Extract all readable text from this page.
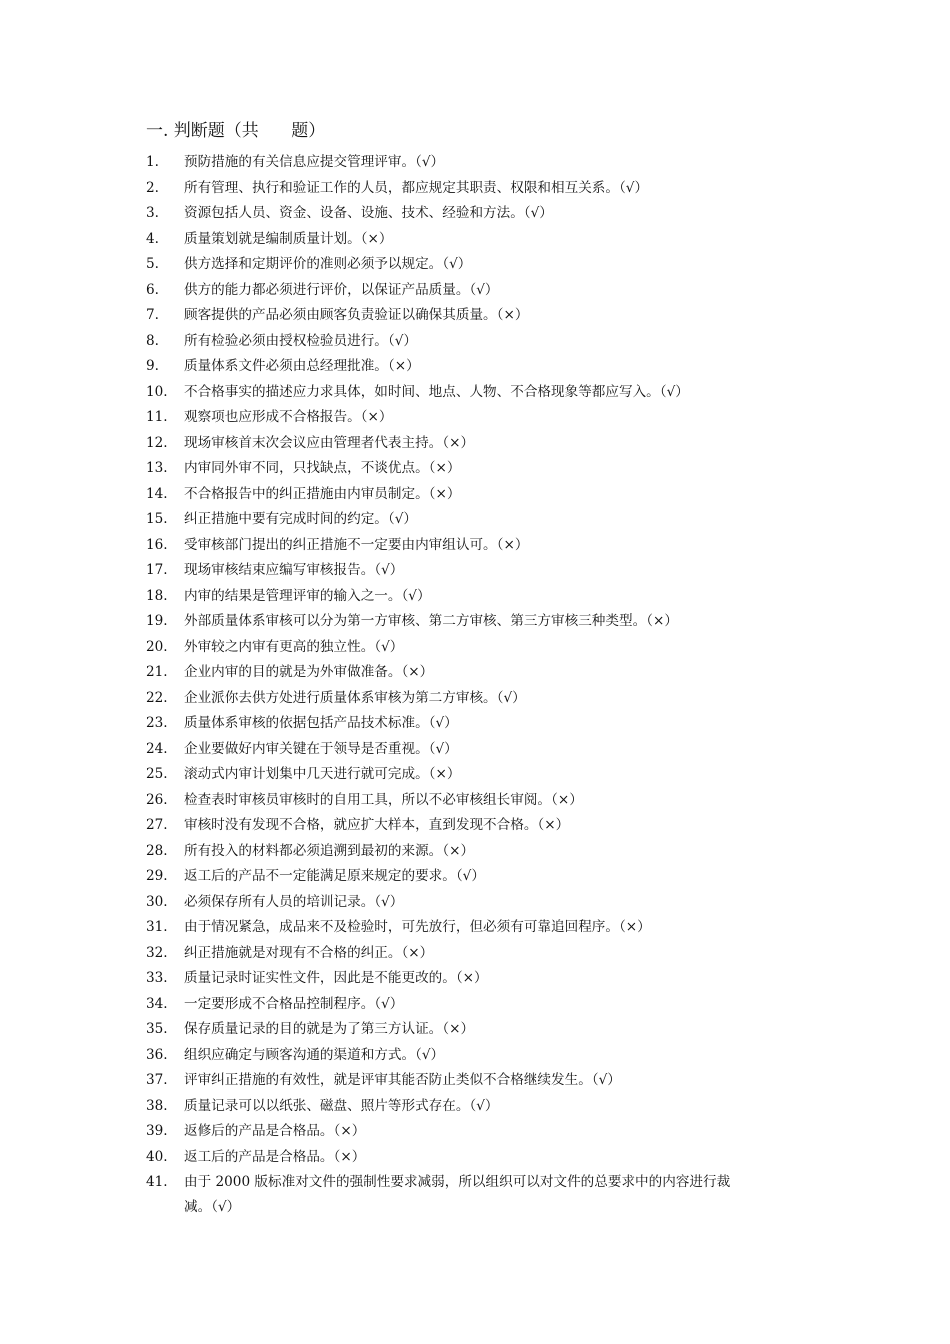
一. 判断题（共      题）
1.	预防措施的有关信息应提交管理评审。（√）
2.	所有管理、执行和验证工作的人员，都应规定其职责、权限和相互关系。（√）
3.	资源包括人员、资金、设备、设施、技术、经验和方法。（√）
4.	质量策划就是编制质量计划。（×）
5.	供方选择和定期评价的准则必须予以规定。（√）
6.	供方的能力都必须进行评价，以保证产品质量。（√）
7.	顾客提供的产品必须由顾客负责验证以确保其质量。（×）
8.	所有检验必须由授权检验员进行。（√）
9.	质量体系文件必须由总经理批准。（×）
10.	不合格事实的描述应力求具体，如时间、地点、人物、不合格现象等都应写入。（√）
11.	观察项也应形成不合格报告。（×）
12.	现场审核首末次会议应由管理者代表主持。（×）
13.	内审同外审不同，只找缺点，不谈优点。（×）
14.	不合格报告中的纠正措施由内审员制定。（×）
15.	纠正措施中要有完成时间的约定。（√）
16.	受审核部门提出的纠正措施不一定要由内审组认可。（×）
17.	现场审核结束应编写审核报告。（√）
18.	内审的结果是管理评审的输入之一。（√）
19.	外部质量体系审核可以分为第一方审核、第二方审核、第三方审核三种类型。（×）
20.	外审较之内审有更高的独立性。（√）
21.	企业内审的目的就是为外审做准备。（×）
22.	企业派你去供方处进行质量体系审核为第二方审核。（√）
23.	质量体系审核的依据包括产品技术标准。（√）
24.	企业要做好内审关键在于领导是否重视。（√）
25.	滚动式内审计划集中几天进行就可完成。（×）
26.	检查表时审核员审核时的自用工具，所以不必审核组长审阅。（×）
27.	审核时没有发现不合格，就应扩大样本，直到发现不合格。（×）
28.	所有投入的材料都必须追溯到最初的来源。（×）
29.	返工后的产品不一定能满足原来规定的要求。（√）
30.	必须保存所有人员的培训记录。（√）
31.	由于情况紧急，成品来不及检验时，可先放行，但必须有可靠追回程序。（×）
32.	纠正措施就是对现有不合格的纠正。（×）
33.	质量记录时证实性文件，因此是不能更改的。（×）
34.	一定要形成不合格品控制程序。（√）
35.	保存质量记录的目的就是为了第三方认证。（×）
36.	组织应确定与顾客沟通的渠道和方式。（√）
37.	评审纠正措施的有效性，就是评审其能否防止类似不合格继续发生。（√）
38.	质量记录可以以纸张、磁盘、照片等形式存在。（√）
39.	返修后的产品是合格品。（×）
40.	返工后的产品是合格品。（×）
41.	由于 2000 版标准对文件的强制性要求减弱，所以组织可以对文件的总要求中的内容进行裁
减。（√）
